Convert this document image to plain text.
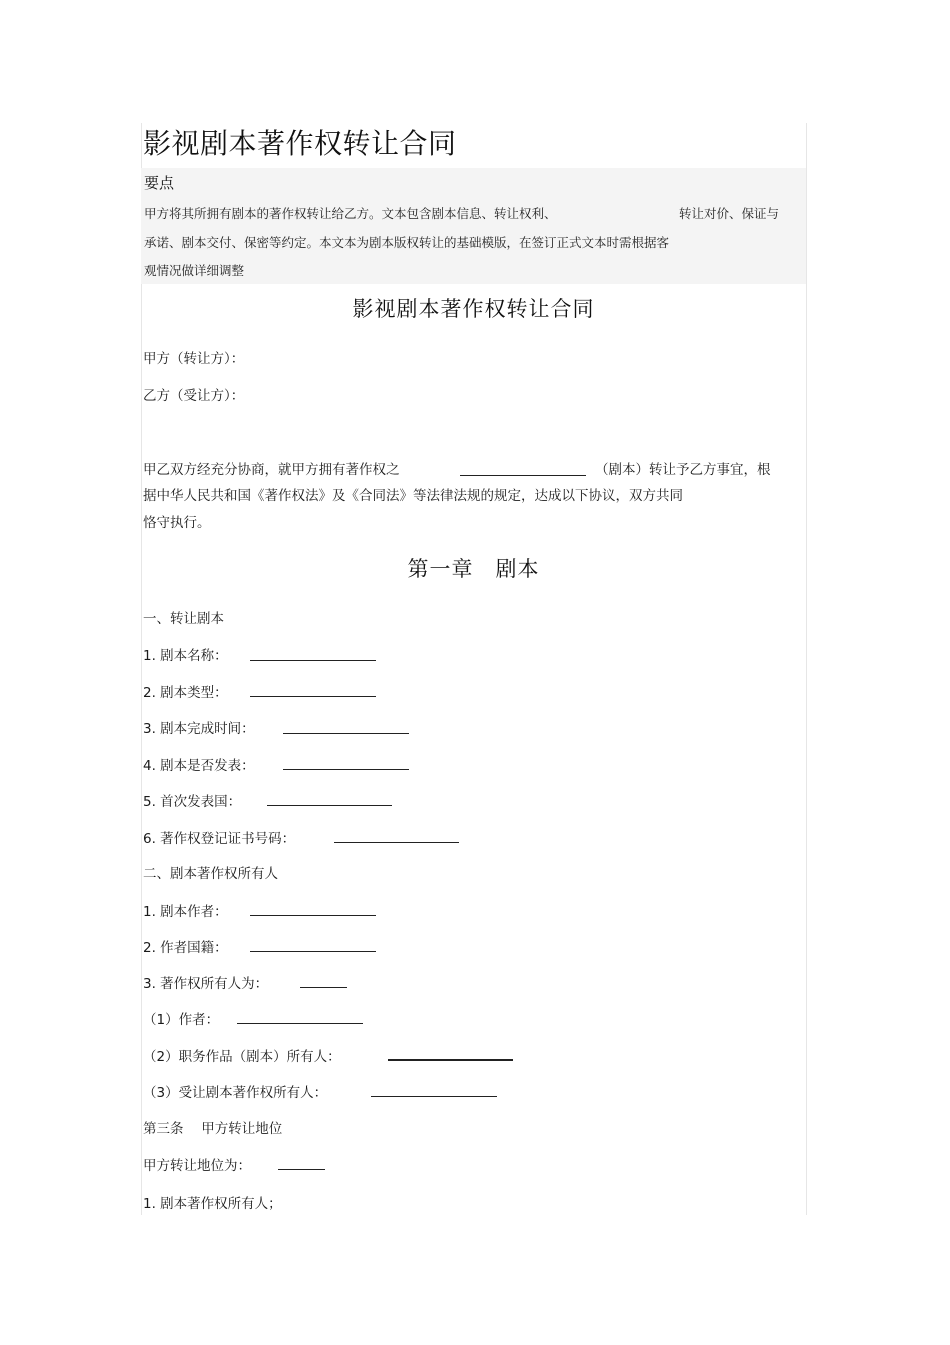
影视剧本著作权转让合同
要点
甲方将其所拥有剧本的著作权转让给乙方。文本包含剧本信息、转让权利、	转让对价、保证与
承诺、剧本交付、保密等约定。本文本为剧本版权转让的基础模版，在签订正式文本时需根据客
观情况做详细调整
影视剧本著作权转让合同
甲方（转让方）：
乙方（受让方）：
甲乙双方经充分协商，就甲方拥有著作权之	（剧本）转让予乙方事宜，根
据中华人民共和国《著作权法》及《合同法》等法律法规的规定，达成以下协议，双方共同
恪守执行。
第一章　剧本
一、转让剧本
1. 剧本名称：
2. 剧本类型：
3. 剧本完成时间：
4. 剧本是否发表：
5. 首次发表国：
6. 著作权登记证书号码：
二、剧本著作权所有人
1. 剧本作者：
2. 作者国籍：
3. 著作权所有人为：
（1）作者：
（2）职务作品（剧本）所有人：
（3）受让剧本著作权所有人：
第三条　 甲方转让地位
甲方转让地位为：
1. 剧本著作权所有人；
